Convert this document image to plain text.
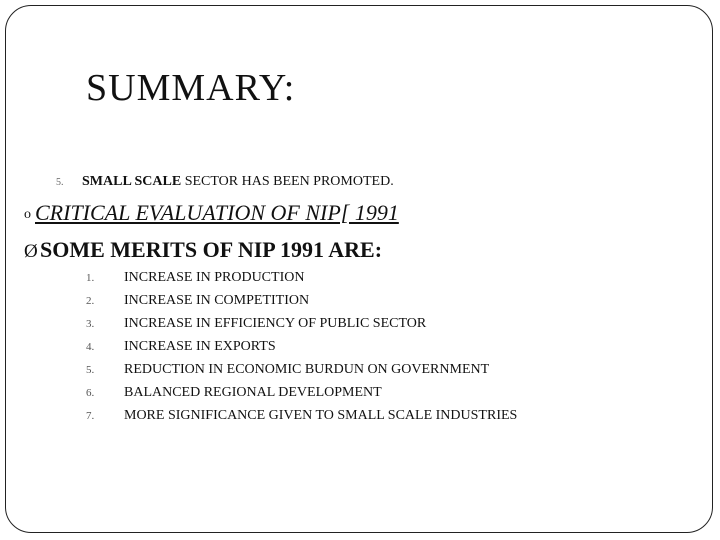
SUMMARY:
5. SMALL SCALE SECTOR HAS BEEN PROMOTED.
o CRITICAL EVALUATION OF NIP[ 1991
Ø SOME MERITS OF NIP 1991 ARE:
1. INCREASE IN PRODUCTION
2. INCREASE IN COMPETITION
3. INCREASE IN EFFICIENCY OF PUBLIC SECTOR
4. INCREASE IN EXPORTS
5. REDUCTION IN ECONOMIC BURDUN ON GOVERNMENT
6. BALANCED REGIONAL DEVELOPMENT
7. MORE SIGNIFICANCE GIVEN TO SMALL SCALE INDUSTRIES
